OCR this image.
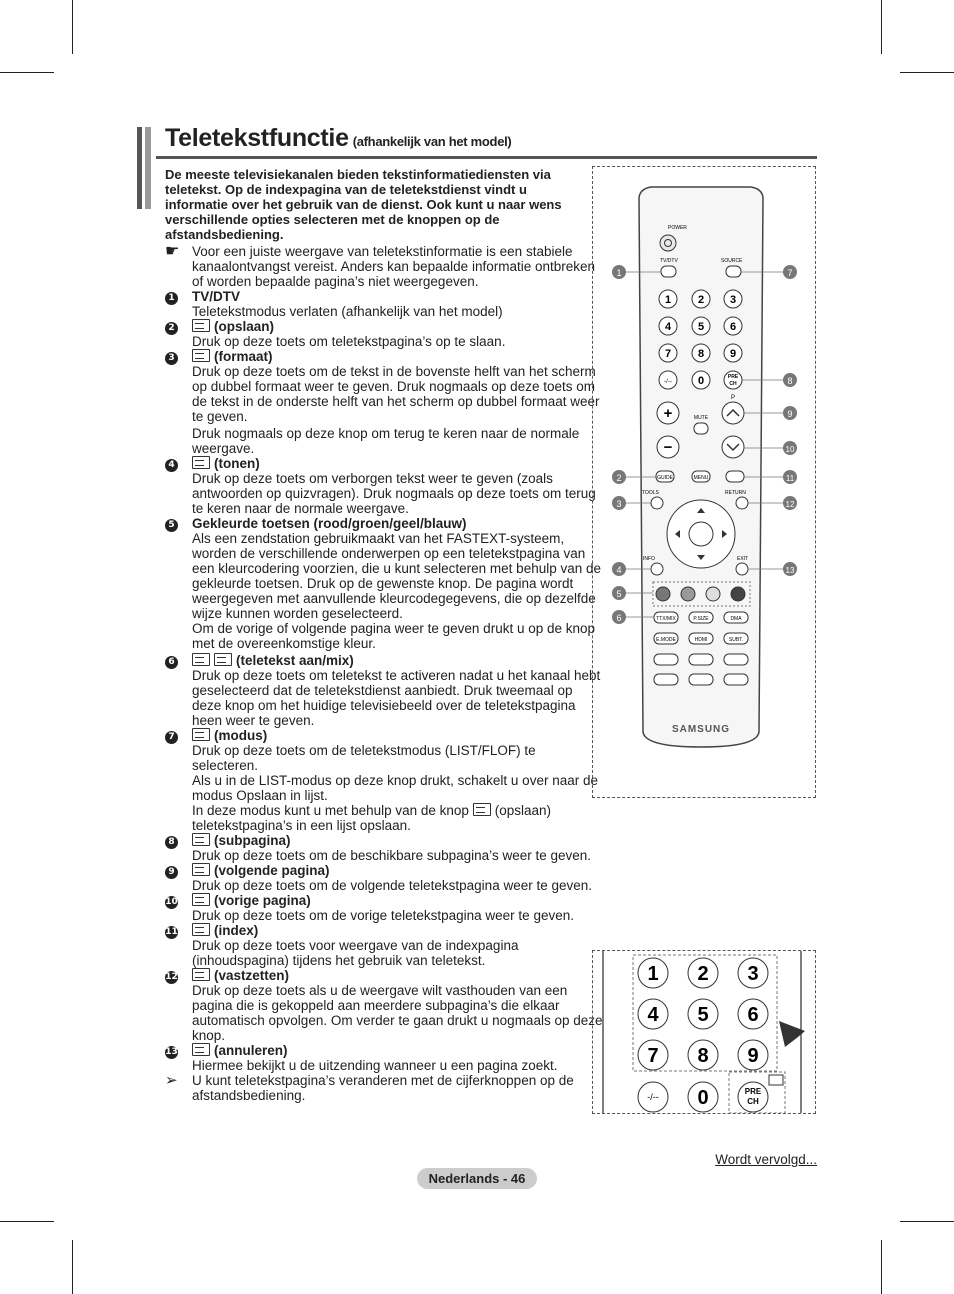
Teletekstfunctie (afhankelijk van het model)
De meeste televisiekanalen bieden tekstinformatiediensten via teletekst. Op de indexpagina van de teletekstdienst vindt u informatie over het gebruik van de dienst. Ook kunt u naar wens verschillende opties selecteren met de knoppen op de afstandsbediening.
☛ Voor een juiste weergave van teletekstinformatie is een stabiele kanaalontvangst vereist. Anders kan bepaalde informatie ontbreken of worden bepaalde pagina’s niet weergegeven.
1	TV/DTV
Teletekstmodus verlaten (afhankelijk van het model)
2	(opslaan)
Druk op deze toets om teletekstpagina’s op te slaan.
3	(formaat)
Druk op deze toets om de tekst in de bovenste helft van het scherm op dubbel formaat weer te geven. Druk nogmaals op deze toets om de tekst in de onderste helft van het scherm op dubbel formaat weer te geven.
Druk nogmaals op deze knop om terug te keren naar de normale weergave.
4	(tonen)
Druk op deze toets om verborgen tekst weer te geven (zoals antwoorden op quizvragen). Druk nogmaals op deze toets om terug te keren naar de normale weergave.
5	Gekleurde toetsen (rood/groen/geel/blauw)
Als een zendstation gebruikmaakt van het FASTEXT-systeem, worden de verschillende onderwerpen op een teletekstpagina van een kleurcodering voorzien, die u kunt selecteren met behulp van de gekleurde toetsen. Druk op de gewenste knop. De pagina wordt weergegeven met aanvullende kleurcodegegevens, die op dezelfde wijze kunnen worden geselecteerd.
Om de vorige of volgende pagina weer te geven drukt u op de knop met de overeenkomstige kleur.
6	(teletekst aan/mix)
Druk op deze toets om teletekst te activeren nadat u het kanaal hebt geselecteerd dat de teletekstdienst aanbiedt. Druk tweemaal op deze knop om het huidige televisiebeeld over de teletekstpagina heen weer te geven.
7	(modus)
Druk op deze toets om de teletekstmodus (LIST/FLOF) te selecteren.
Als u in de LIST-modus op deze knop drukt, schakelt u over naar de modus Opslaan in lijst.
In deze modus kunt u met behulp van de knop (opslaan) teletekstpagina’s in een lijst opslaan.
8	(subpagina)
Druk op deze toets om de beschikbare subpagina’s weer te geven.
9	(volgende pagina)
Druk op deze toets om de volgende teletekstpagina weer te geven.
10	(vorige pagina)
Druk op deze toets om de vorige teletekstpagina weer te geven.
11	(index)
Druk op deze toets voor weergave van de indexpagina (inhoudspagina) tijdens het gebruik van teletekst.
12	(vastzetten)
Druk op deze toets als u de weergave wilt vasthouden van een pagina die is gekoppeld aan meerdere subpagina’s die elkaar automatisch opvolgen. Om verder te gaan drukt u nogmaals op deze knop.
13	(annuleren)
Hiermee bekijkt u de uitzending wanneer u een pagina zoekt.
➢	U kunt teletekstpagina’s veranderen met de cijferknoppen op de afstandsbediening.
POWER
TV/DTV	SOURCE
1 2 3
4 5 6
7 8 9
-/-- 0	PRE
CH
+
−
MUTE
P
GUIDE	MENU
TOOLS	RETURN
INFO	EXIT
TTX/MIX	P.SIZE	DMA
E.MODE	HDMI	SUBT.
SAMSUNG
1
2
3
4
5
6
7
8
9
10
11
12
13
1 2 3
4 5 6
7 8 9
-/-- 0	PRE
CH
Wordt vervolgd...
Nederlands - 46
